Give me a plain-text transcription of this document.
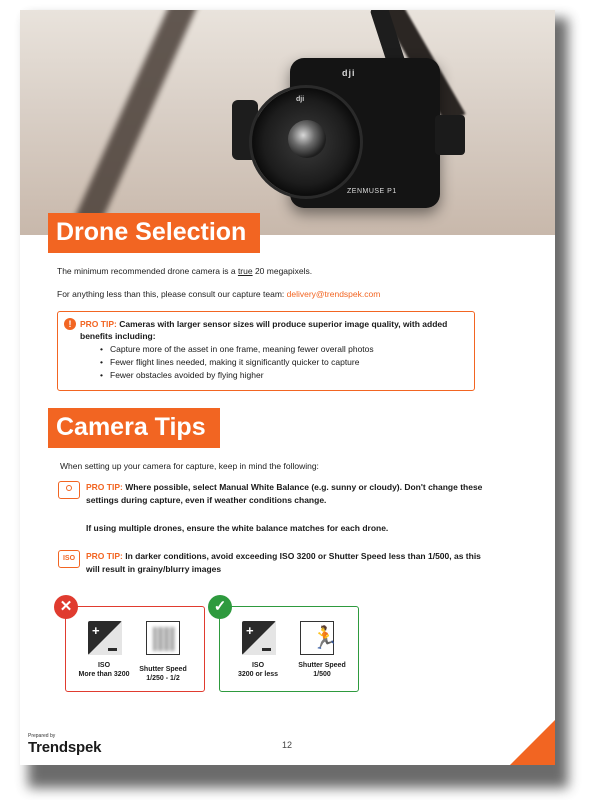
dji
dji
ZENMUSE P1
Drone Selection
The minimum recommended drone camera is a true 20 megapixels.
For anything less than this, please consult our capture team: delivery@trendspek.com
!	PRO TIP: Cameras with larger sensor sizes will produce superior image quality, with added benefits including:
• Capture more of the asset in one frame, meaning fewer overall photos
• Fewer flight lines needed, making it significantly quicker to capture
• Fewer obstacles avoided by flying higher
Camera Tips
When setting up your camera for capture, keep in mind the following:
PRO TIP: Where possible, select Manual White Balance (e.g. sunny or cloudy). Don't change these settings during capture, even if weather conditions change.
If using multiple drones, ensure the white balance matches for each drone.
ISO	PRO TIP: In darker conditions, avoid exceeding ISO 3200 or Shutter Speed less than 1/500, as this will result in grainy/blurry images
✕
+
ISO
More than 3200
Shutter Speed
1/250 - 1/2
✓
+	🏃
ISO
3200 or less
Shutter Speed
1/500
Prepared by
Trendspek	12
